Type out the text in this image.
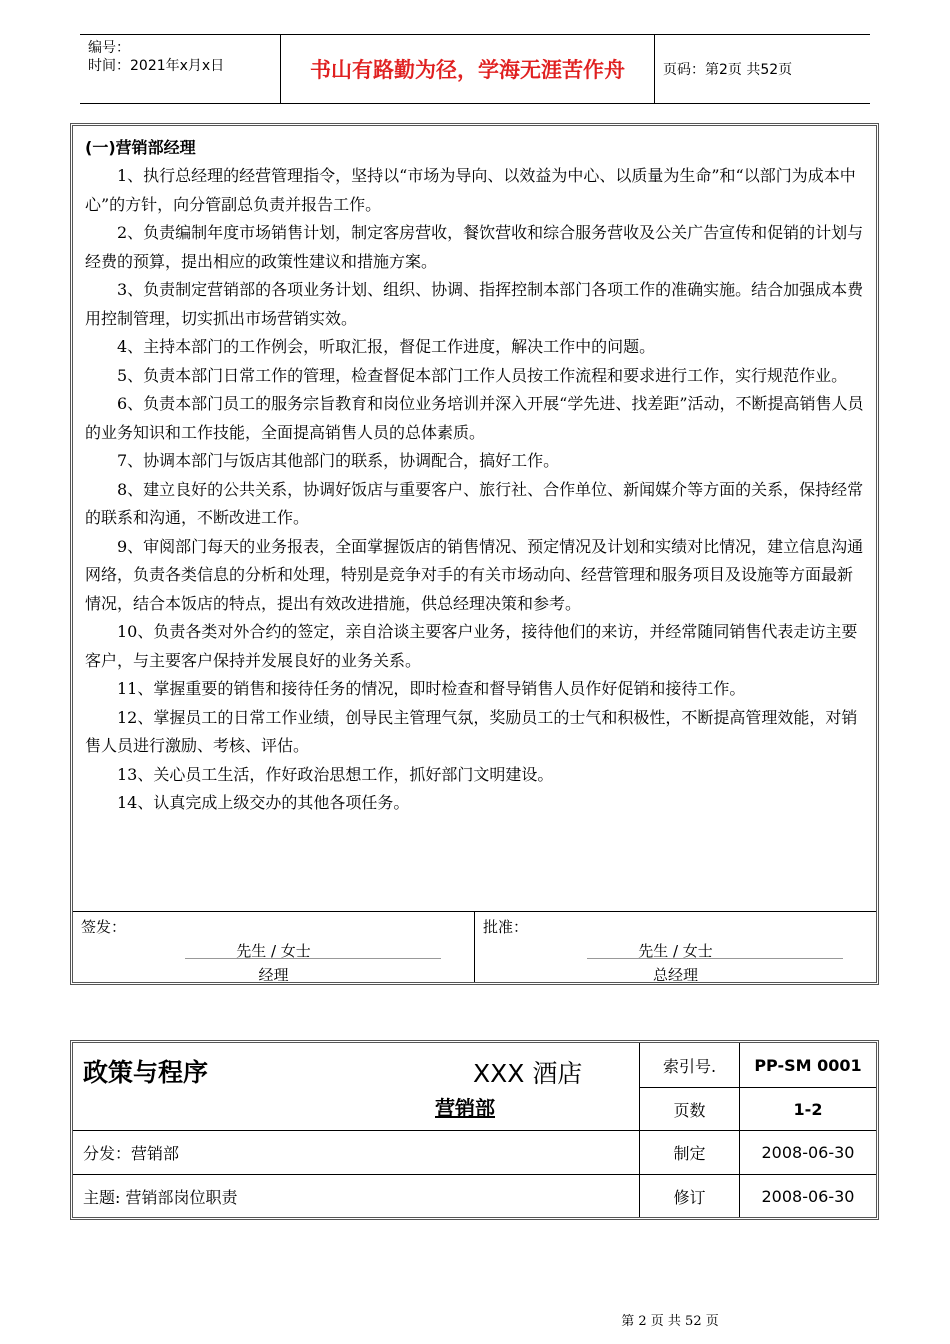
编号：
时间：2021年x月x日	书山有路勤为径，学海无涯苦作舟	页码：第2页 共52页
(一)营销部经理

1、执行总经理的经营管理指令，坚持以“市场为导向、以效益为中心、以质量为生命”和“以部门为成本中心”的方针，向分管副总负责并报告工作。

2、负责编制年度市场销售计划，制定客房营收，餐饮营收和综合服务营收及公关广告宣传和促销的计划与经费的预算，提出相应的政策性建议和措施方案。

3、负责制定营销部的各项业务计划、组织、协调、指挥控制本部门各项工作的准确实施。结合加强成本费用控制管理，切实抓出市场营销实效。

4、主持本部门的工作例会，听取汇报，督促工作进度，解决工作中的问题。

5、负责本部门日常工作的管理，检查督促本部门工作人员按工作流程和要求进行工作，实行规范作业。

6、负责本部门员工的服务宗旨教育和岗位业务培训并深入开展“学先进、找差距”活动，不断提高销售人员的业务知识和工作技能，全面提高销售人员的总体素质。

7、协调本部门与饭店其他部门的联系，协调配合，搞好工作。

8、建立良好的公共关系，协调好饭店与重要客户、旅行社、合作单位、新闻媒介等方面的关系，保持经常的联系和沟通，不断改进工作。

9、审阅部门每天的业务报表，全面掌握饭店的销售情况、预定情况及计划和实绩对比情况，建立信息沟通网络，负责各类信息的分析和处理，特别是竞争对手的有关市场动向、经营管理和服务项目及设施等方面最新情况，结合本饭店的特点，提出有效改进措施，供总经理决策和参考。

10、负责各类对外合约的签定，亲自洽谈主要客户业务，接待他们的来访，并经常随同销售代表走访主要客户，与主要客户保持并发展良好的业务关系。

11、掌握重要的销售和接待任务的情况，即时检查和督导销售人员作好促销和接待工作。

12、掌握员工的日常工作业绩，创导民主管理气氛，奖励员工的士气和积极性，不断提高管理效能，对销售人员进行激励、考核、评估。

13、关心员工生活，作好政治思想工作，抓好部门文明建设。

14、认真完成上级交办的其他各项任务。

签发：
先生 / 女士
经理
批准：
先生 / 女士
总经理
政策与程序	XXX 酒店
营销部
索引号.	PP-SM 0001
页数	1-2
分发：营销部	制定	2008-06-30
主题: 营销部岗位职责	修订	2008-06-30
第 2 页 共 52 页
